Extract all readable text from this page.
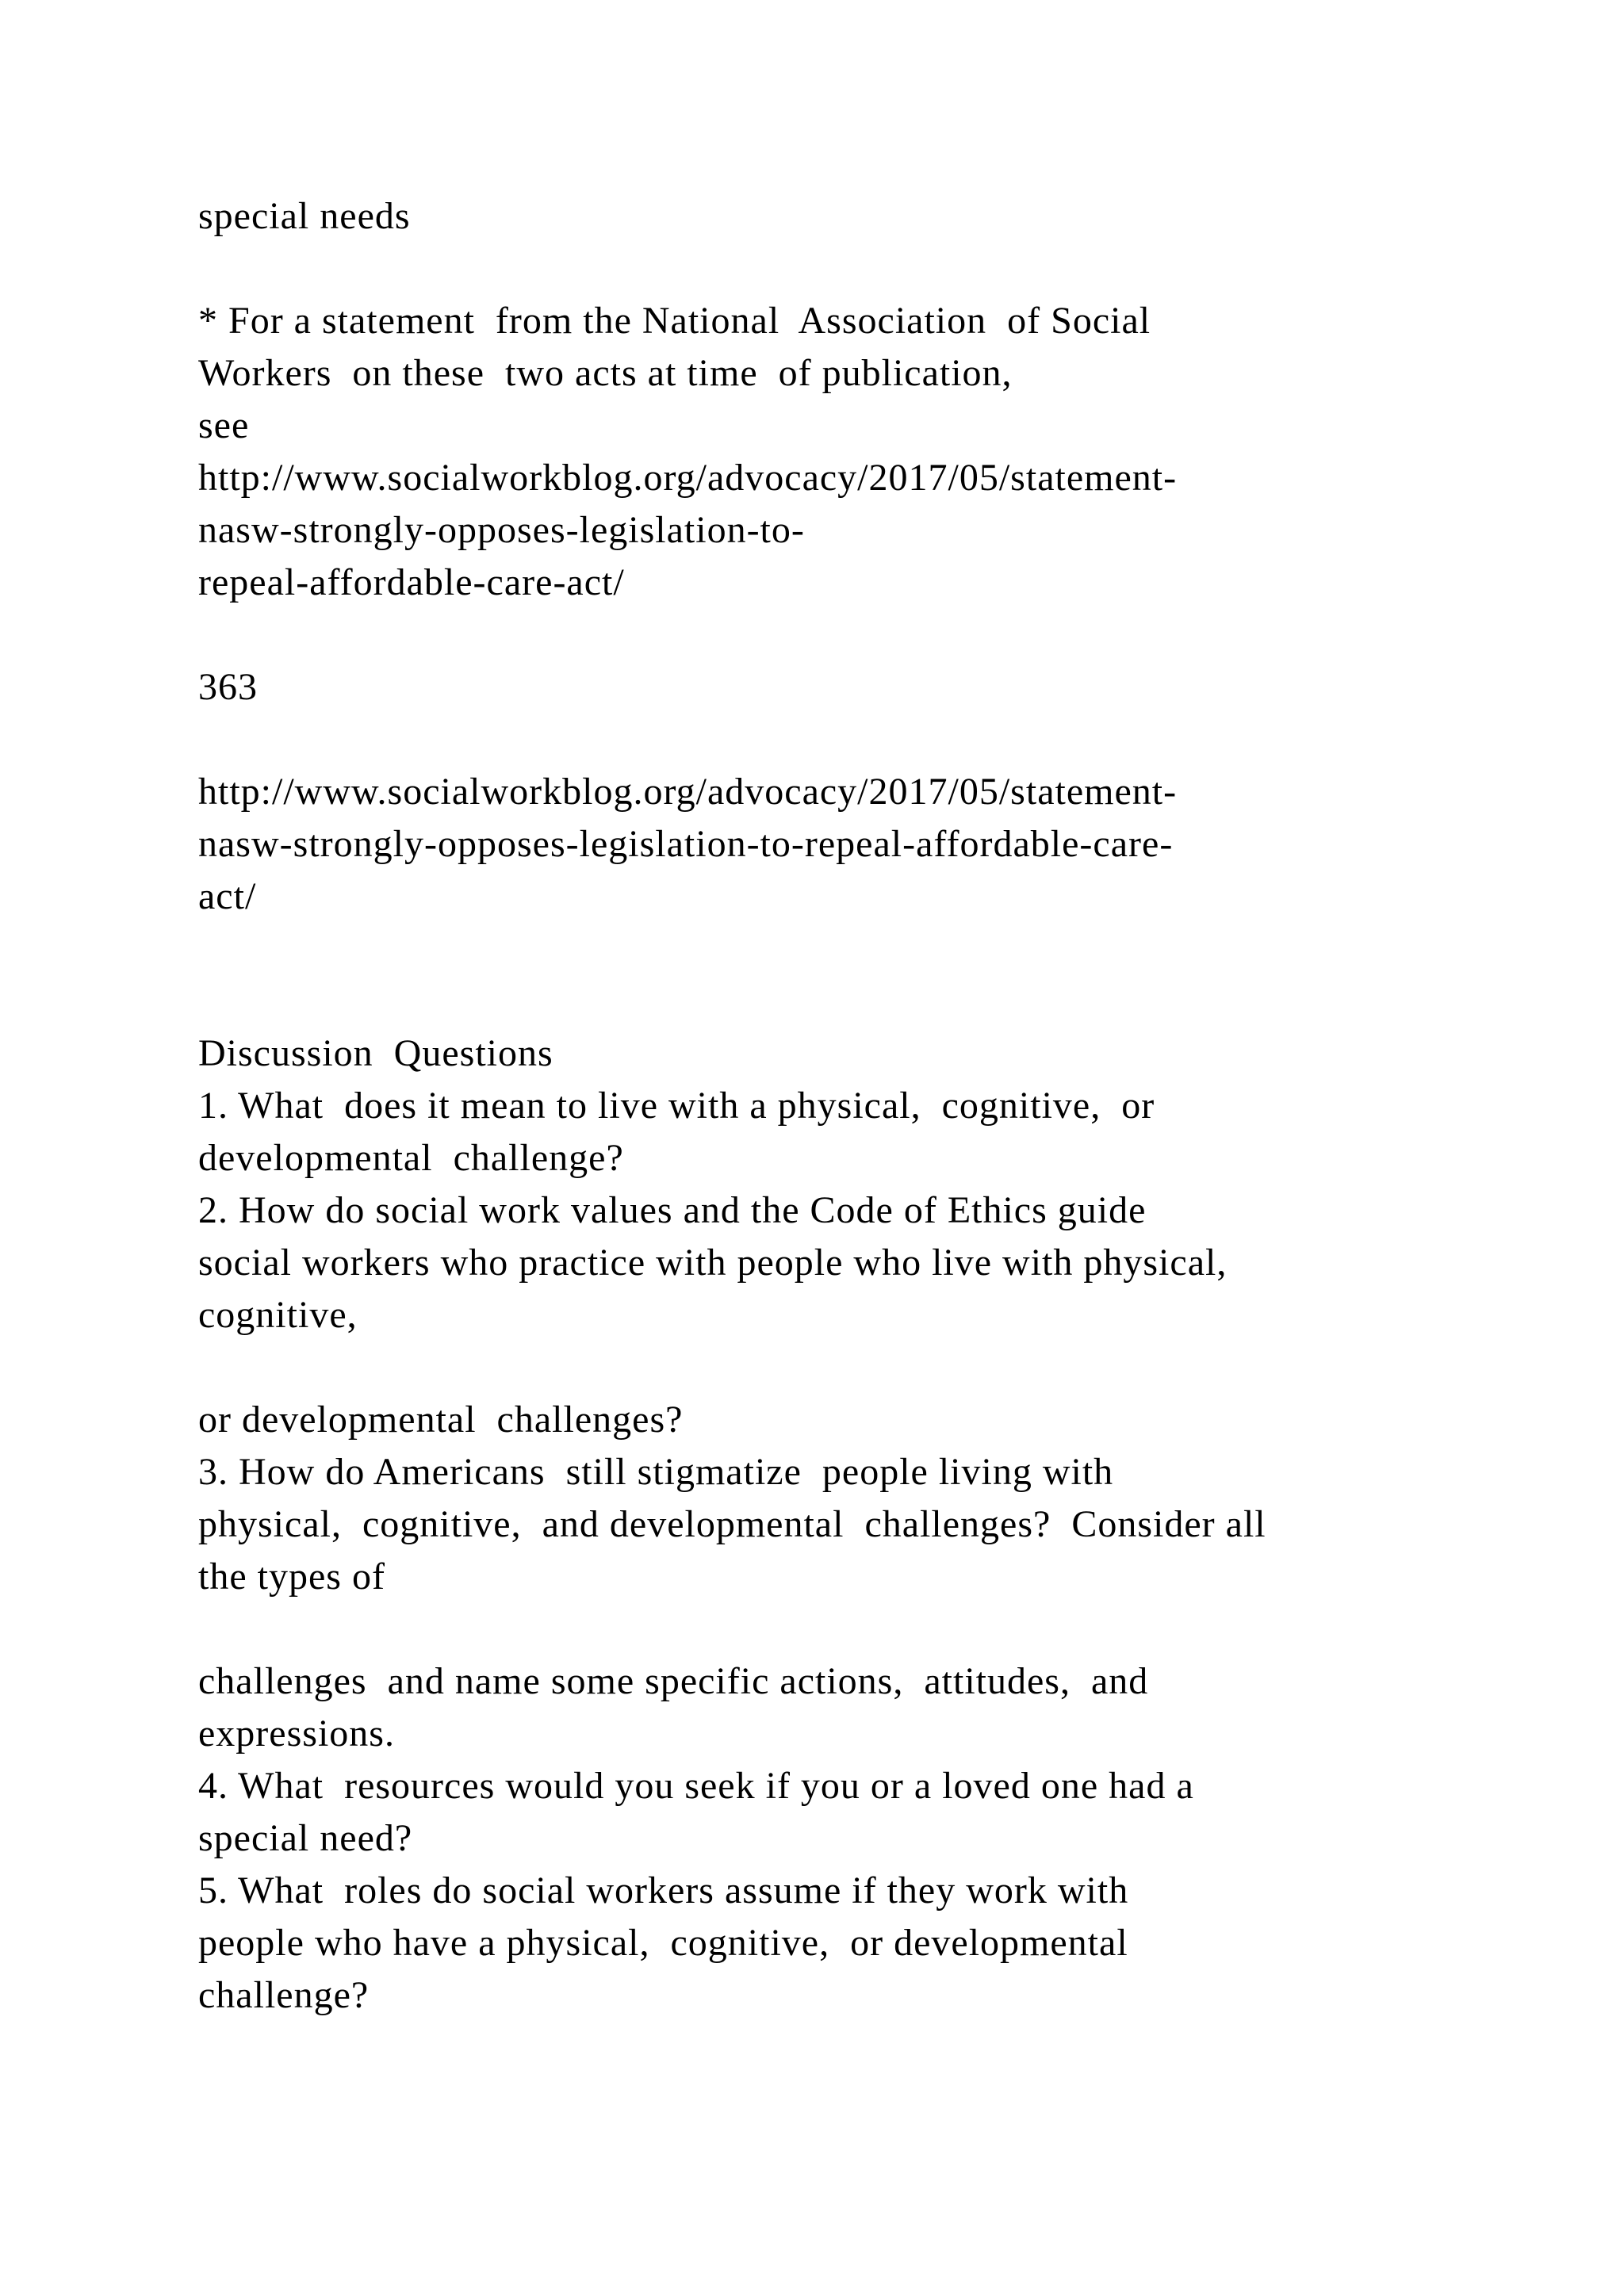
special needs
* For a statement  from the National  Association  of Social
Workers  on these  two acts at time  of publication,
see
http://www.socialworkblog.org/advocacy/2017/05/statement-
nasw-strongly-opposes-legislation-to-
repeal-affordable-care-act/
363
http://www.socialworkblog.org/advocacy/2017/05/statement-
nasw-strongly-opposes-legislation-to-repeal-affordable-care-
act/
Discussion  Questions
1. What  does it mean to live with a physical,  cognitive,  or
developmental  challenge?
2. How do social work values and the Code of Ethics guide
social workers who practice with people who live with physical,
cognitive,
or developmental  challenges?
3. How do Americans  still stigmatize  people living with
physical,  cognitive,  and developmental  challenges?  Consider all
the types of
challenges  and name some specific actions,  attitudes,  and
expressions.
4. What  resources would you seek if you or a loved one had a
special need?
5. What  roles do social workers assume if they work with
people who have a physical,  cognitive,  or developmental
challenge?
